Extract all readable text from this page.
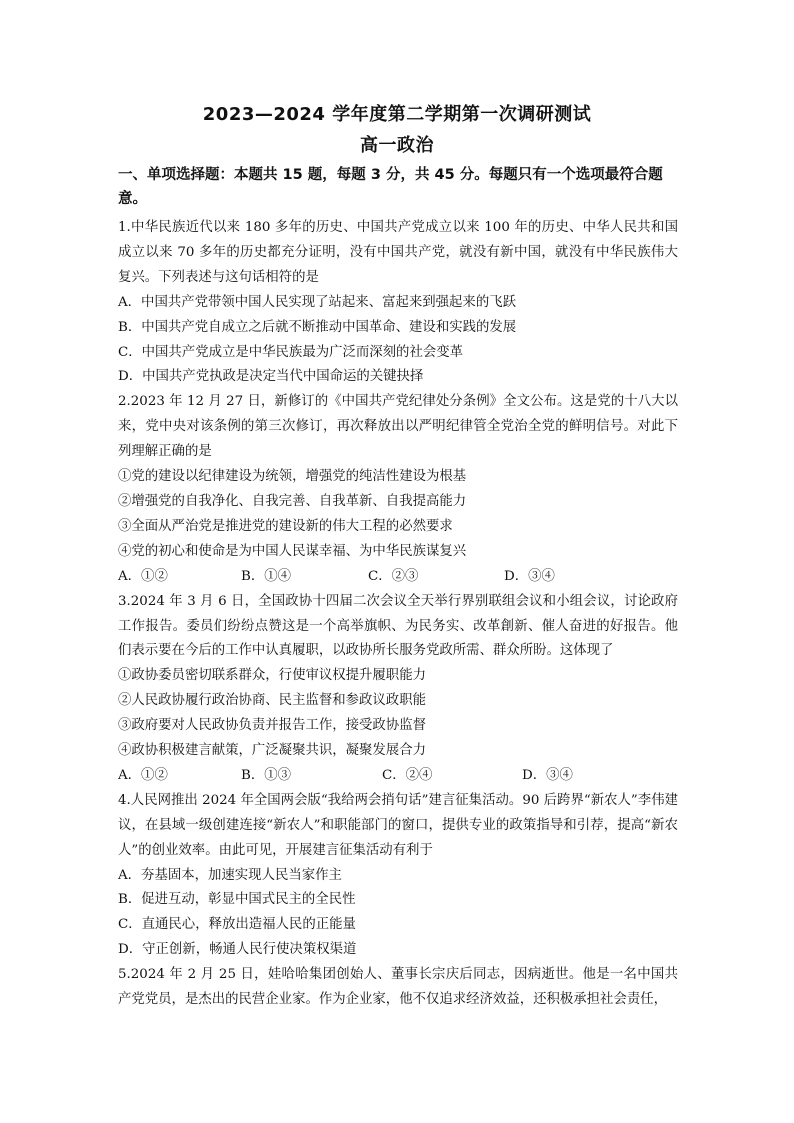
2023—2024 学年度第二学期第一次调研测试
高一政治
一、单项选择题：本题共 15 题，每题 3 分，共 45 分。每题只有一个选项最符合题意。

1.中华民族近代以来 180 多年的历史、中国共产党成立以来 100 年的历史、中华人民共和国成立以来 70 多年的历史都充分证明，没有中国共产党，就没有新中国，就没有中华民族伟大复兴。下列表述与这句话相符的是

A．中国共产党带领中国人民实现了站起来、富起来到强起来的飞跃

B．中国共产党自成立之后就不断推动中国革命、建设和实践的发展

C．中国共产党成立是中华民族最为广泛而深刻的社会变革

D．中国共产党执政是决定当代中国命运的关键抉择

2.2023 年 12 月 27 日，新修订的《中国共产党纪律处分条例》全文公布。这是党的十八大以来，党中央对该条例的第三次修订，再次释放出以严明纪律管全党治全党的鲜明信号。对此下列理解正确的是

①党的建设以纪律建设为统领，增强党的纯洁性建设为根基

②增强党的自我净化、自我完善、自我革新、自我提高能力

③全面从严治党是推进党的建设新的伟大工程的必然要求

④党的初心和使命是为中国人民谋幸福、为中华民族谋复兴

A．①②	B．①④	C．②③	D．③④

3.2024 年 3 月 6 日，全国政协十四届二次会议全天举行界别联组会议和小组会议，讨论政府工作报告。委员们纷纷点赞这是一个高举旗帜、为民务实、改革創新、催人奋进的好报告。他们表示要在今后的工作中认真履职，以政协所长服务党政所需、群众所盼。这体现了

①政协委员密切联系群众，行使审议权提升履职能力

②人民政协履行政治协商、民主监督和参政议政职能

③政府要对人民政协负责并报告工作，接受政协监督

④政协积极建言献策，广泛凝聚共识，凝聚发展合力

A．①②	B．①③	C．②④	D．③④

4.人民网推出 2024 年全国两会版“我给两会捎句话”建言征集活动。90 后跨界“新农人”李伟建议，在县域一级创建连接“新农人”和职能部门的窗口，提供专业的政策指导和引荐，提高“新农人”的创业效率。由此可见，开展建言征集活动有利于

A．夯基固本，加速实现人民当家作主

B．促进互动，彰显中国式民主的全民性

C．直通民心，释放出造福人民的正能量

D．守正创新，畅通人民行使决策权渠道

5.2024 年 2 月 25 日，娃哈哈集团创始人、董事长宗庆后同志，因病逝世。他是一名中国共产党党员，是杰出的民营企业家。作为企业家，他不仅追求经济效益，还积极承担社会责任，
